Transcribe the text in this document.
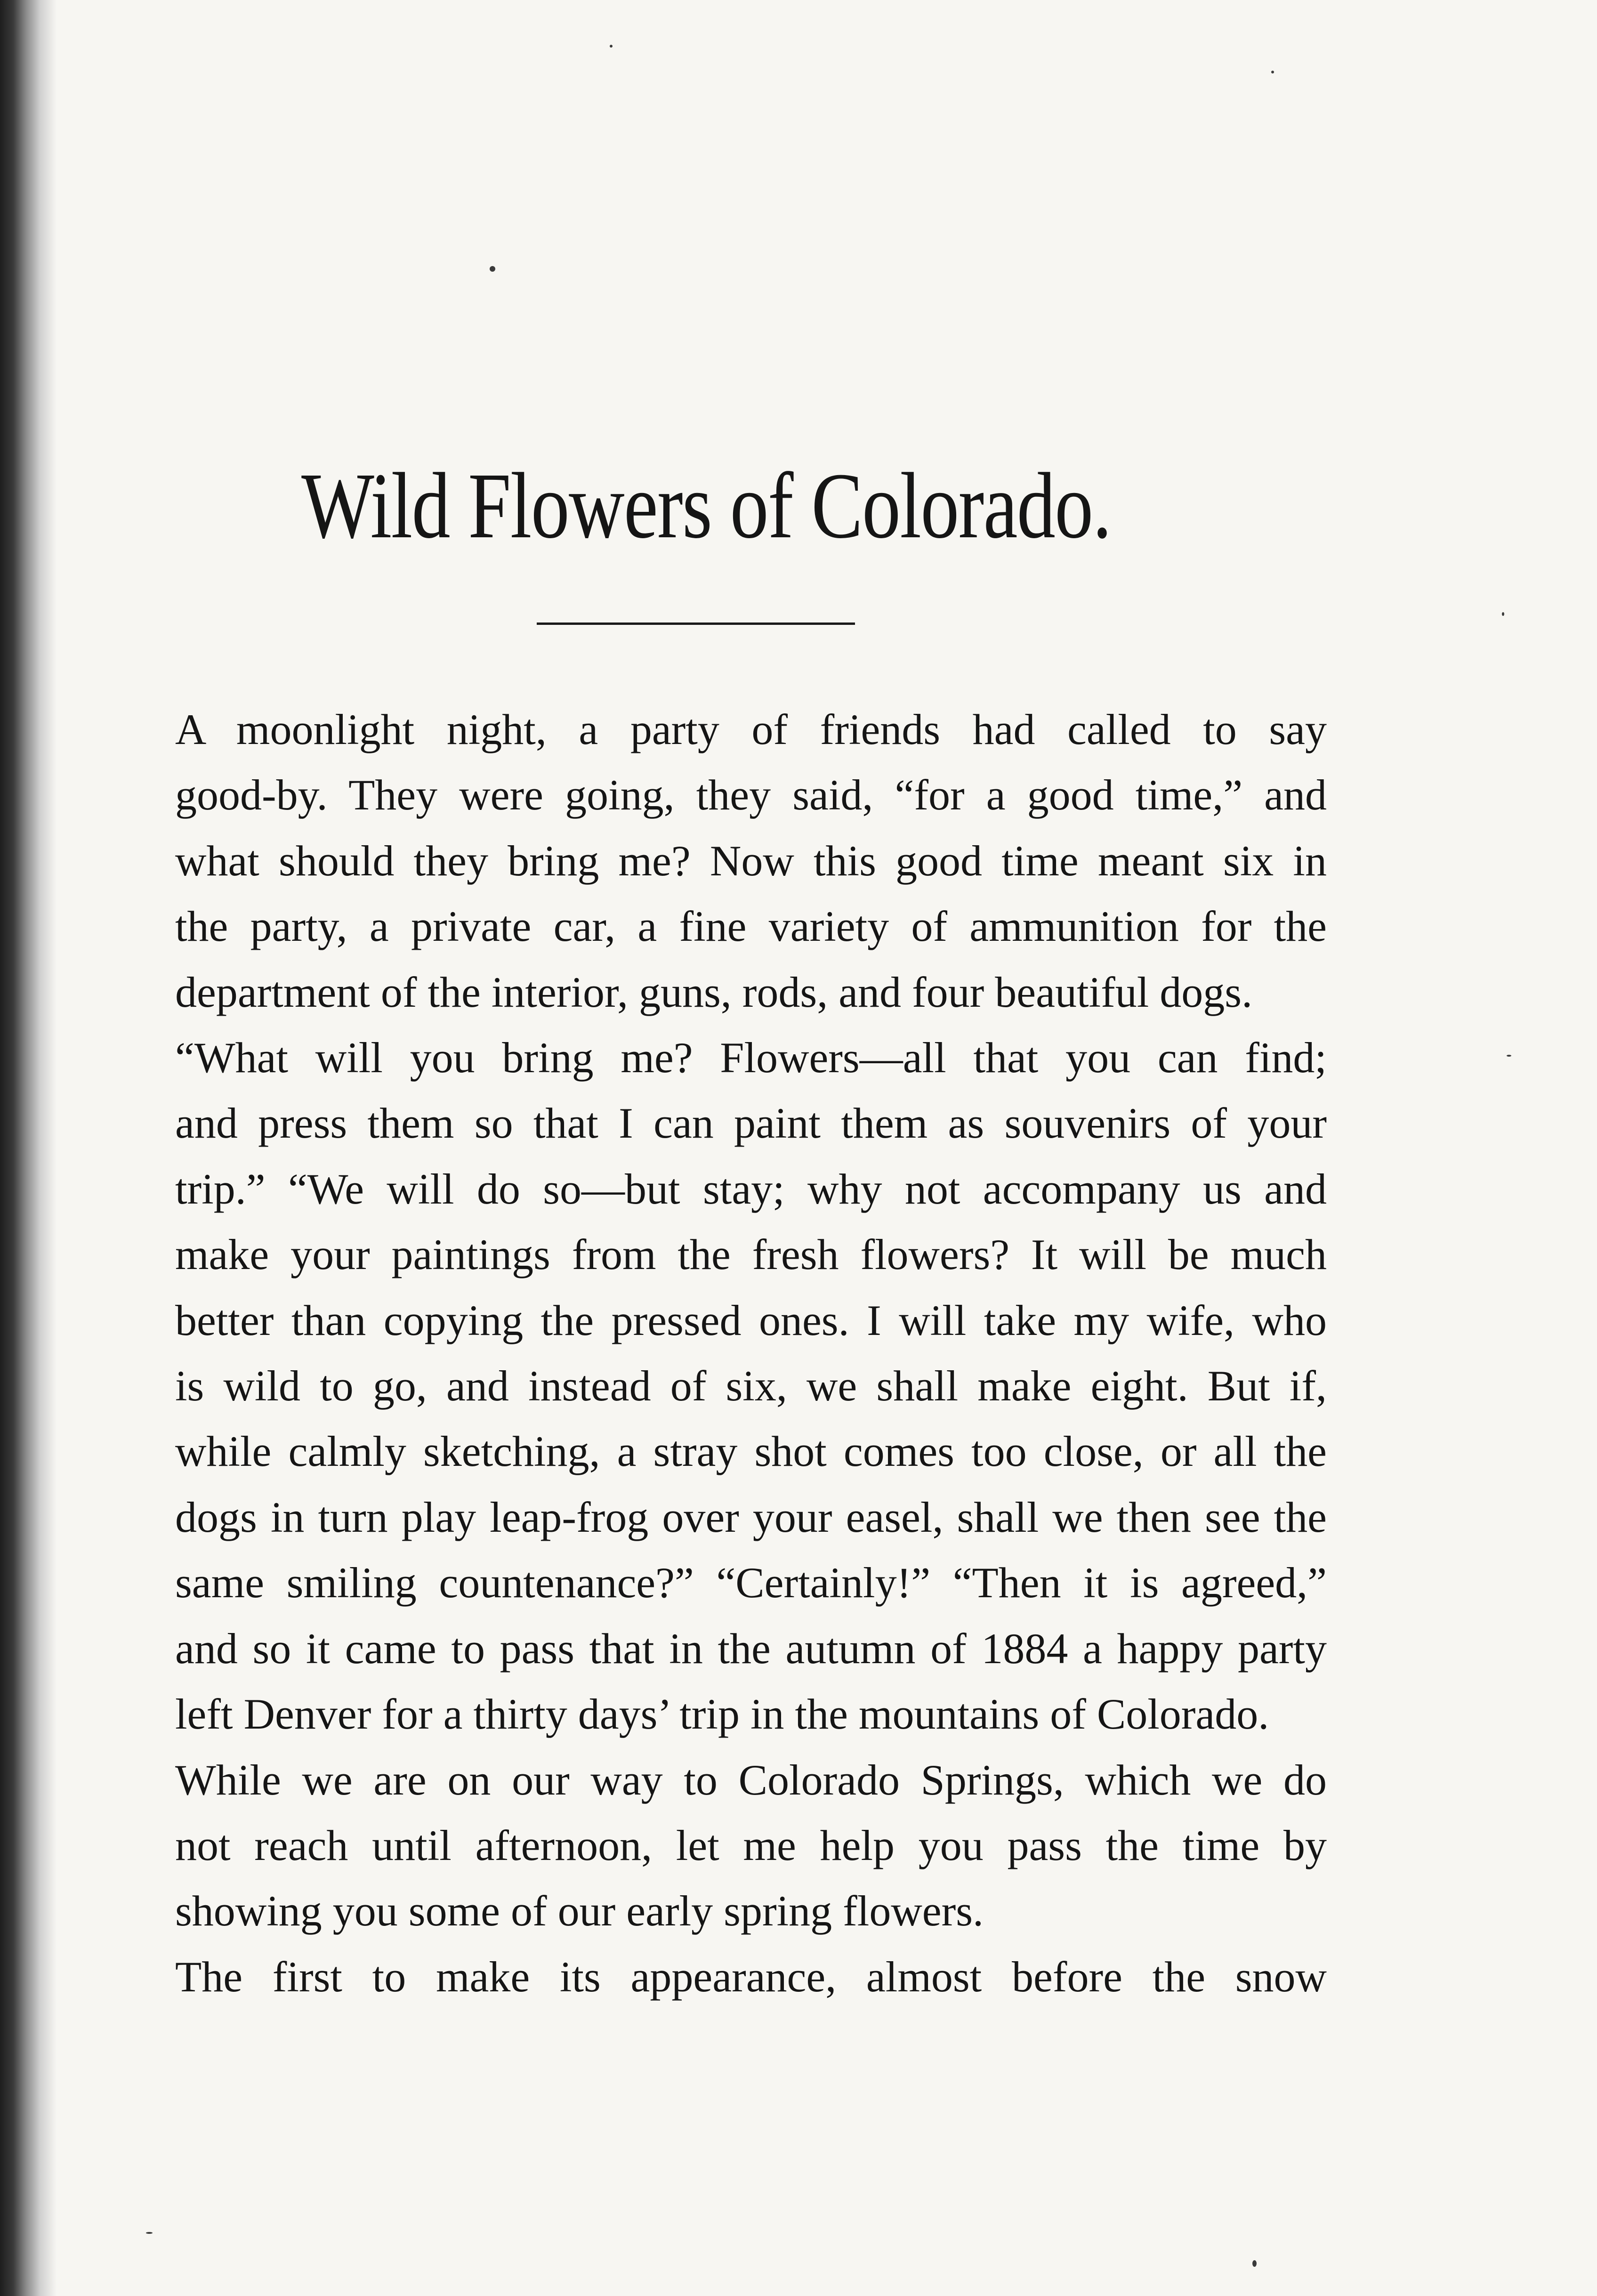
Wild Flowers of Colorado.

A moonlight night, a party of friends had called to say
good-by. They were going, they said, “for a good time,” and
what should they bring me? Now this good time meant six in
the party, a private car, a fine variety of ammunition for the
department of the interior, guns, rods, and four beautiful dogs.

“What will you bring me? Flowers—all that you can find;
and press them so that I can paint them as souvenirs of your
trip.” “We will do so—but stay; why not accompany us and
make your paintings from the fresh flowers? It will be much
better than copying the pressed ones. I will take my wife, who
is wild to go, and instead of six, we shall make eight. But if,
while calmly sketching, a stray shot comes too close, or all the
dogs in turn play leap-frog over your easel, shall we then see the
same smiling countenance?” “Certainly!” “Then it is agreed,”
and so it came to pass that in the autumn of 1884 a happy party
left Denver for a thirty days’ trip in the mountains of Colorado.

While we are on our way to Colorado Springs, which we do
not reach until afternoon, let me help you pass the time by
showing you some of our early spring flowers.

The first to make its appearance, almost before the snow
